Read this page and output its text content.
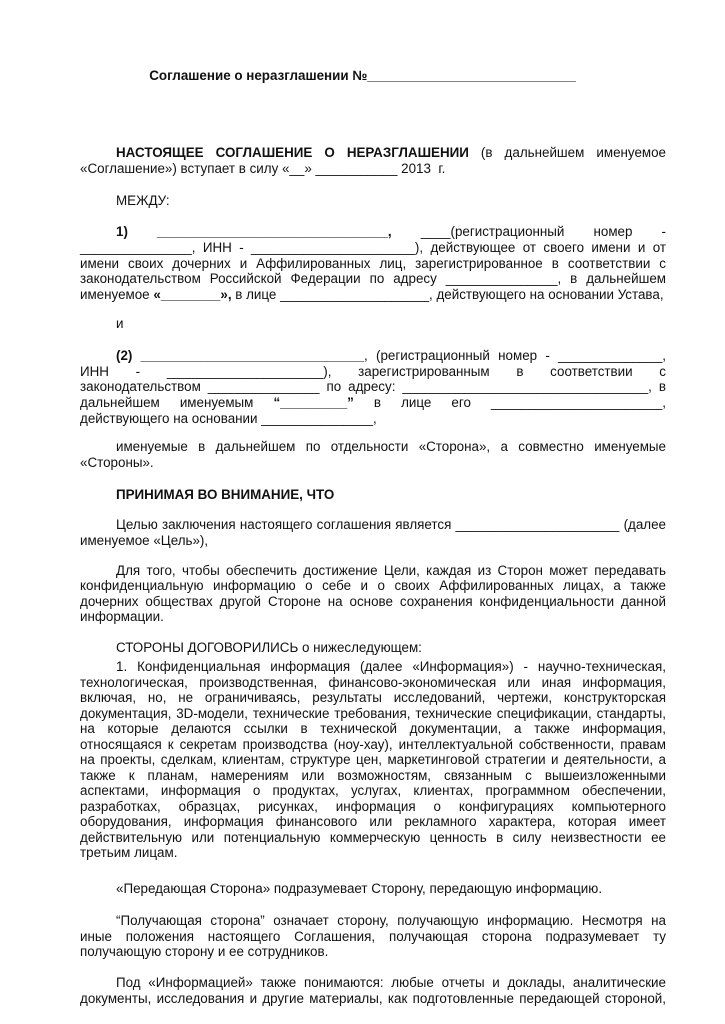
Соглашение о неразглашении №____________________________
НАСТОЯЩЕЕ СОГЛАШЕНИЕ О НЕРАЗГЛАШЕНИИ (в дальнейшем именуемое
«Соглашение») вступает в силу «__» ___________ 2013  г.
МЕЖДУ:
1) _______________________________, ____(регистрационный номер -
_______________, ИНН - ______________________), действующее от своего имени и от
имени своих дочерних и Аффилированных лиц, зарегистрированное в соответствии с
законодательством Российской Федерации по адресу _______________, в дальнейшем
именуемое «________», в лице ____________________, действующего на основании Устава,
и
(2) ______________________________, (регистрационный номер - ______________,
ИНН  -  _____________________),  зарегистрированным  в  соответствии  с
законодательством _______________ по адресу: _________________________________, в
дальнейшем  именуемым  “_________”  в  лице  его  _______________________,
действующего на основании _______________,
именуемые в дальнейшем по отдельности «Сторона», а совместно именуемые
«Стороны».
ПРИНИМАЯ ВО ВНИМАНИЕ, ЧТО
Целью заключения настоящего соглашения является ______________________ (далее
именуемое «Цель»),
Для того, чтобы обеспечить достижение Цели, каждая из Сторон может передавать
конфиденциальную информацию о себе и о своих Аффилированных лицах, а также
дочерних обществах другой Стороне на основе сохранения конфиденциальности данной
информации.
СТОРОНЫ ДОГОВОРИЛИСЬ о нижеследующем:
1. Конфиденциальная информация (далее «Информация») - научно-техническая,
технологическая, производственная, финансово-экономическая или иная информация,
включая, но, не ограничиваясь, результаты исследований, чертежи, конструкторская
документация, 3D-модели, технические требования, технические спецификации, стандарты,
на которые делаются ссылки в технической документации, а также информация,
относящаяся к секретам производства (ноу-хау), интеллектуальной собственности, правам
на проекты, сделкам, клиентам, структуре цен, маркетинговой стратегии и деятельности, а
также к планам, намерениям или возможностям, связанным с вышеизложенными
аспектами, информация о продуктах, услугах, клиентах, программном обеспечении,
разработках, образцах, рисунках, информация о конфигурациях компьютерного
оборудования, информация финансового или рекламного характера, которая имеет
действительную или потенциальную коммерческую ценность в силу неизвестности ее
третьим лицам.
«Передающая Сторона» подразумевает Сторону, передающую информацию.
“Получающая сторона” означает сторону, получающую информацию. Несмотря на
иные положения настоящего Соглашения, получающая сторона подразумевает ту
получающую сторону и ее сотрудников.
Под «Информацией» также понимаются: любые отчеты и доклады, аналитические
документы, исследования и другие материалы, как подготовленные передающей стороной,
